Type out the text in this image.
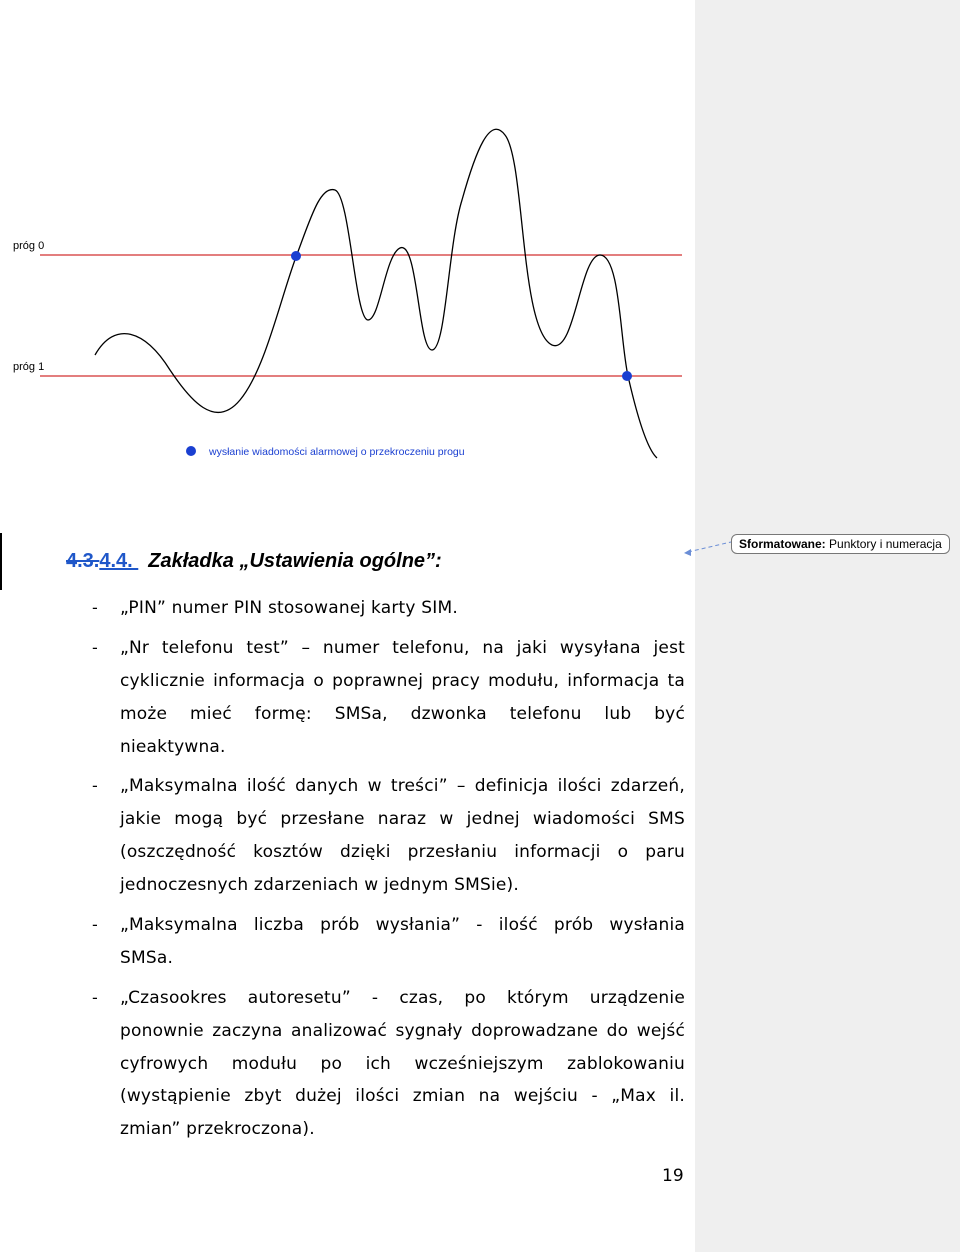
próg 0
próg 1
wysłanie wiadomości alarmowej o przekroczeniu progu
4.3.4.4. Zakładka „Ustawienia ogólne”:
- „PIN” numer PIN stosowanej karty SIM.
- „Nr telefonu test” – numer telefonu, na jaki wysyłana jest
cyklicznie informacja o poprawnej pracy modułu, informacja ta
może mieć formę: SMSa, dzwonka telefonu lub być
nieaktywna.
- „Maksymalna ilość danych w treści” – definicja ilości zdarzeń,
jakie mogą być przesłane naraz w jednej wiadomości SMS
(oszczędność kosztów dzięki przesłaniu informacji o paru
jednoczesnych zdarzeniach w jednym SMSie).
- „Maksymalna liczba prób wysłania” - ilość prób wysłania
SMSa.
- „Czasookres autoresetu” - czas, po którym urządzenie
ponownie zaczyna analizować sygnały doprowadzane do wejść
cyfrowych modułu po ich wcześniejszym zablokowaniu
(wystąpienie zbyt dużej ilości zmian na wejściu - „Max il.
zmian” przekroczona).
19
Sformatowane: Punktory i numeracja
